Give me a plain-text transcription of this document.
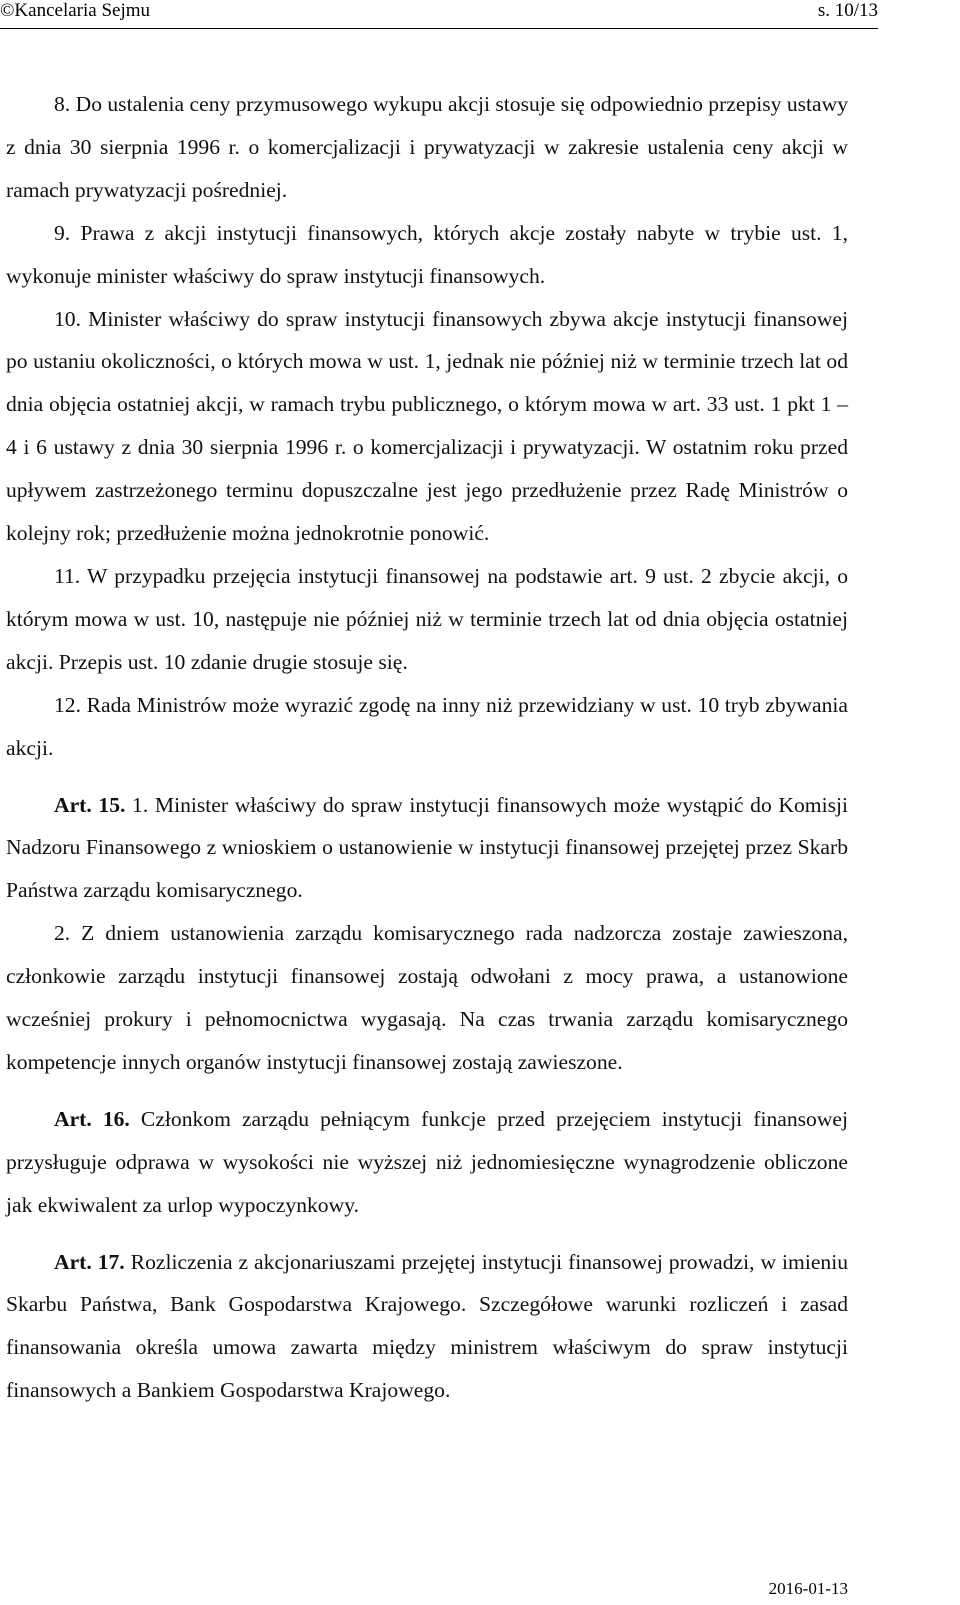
©Kancelaria Sejmu	s. 10/13

8. Do ustalenia ceny przymusowego wykupu akcji stosuje się odpowiednio przepisy ustawy z dnia 30 sierpnia 1996 r. o komercjalizacji i prywatyzacji w zakresie ustalenia ceny akcji w ramach prywatyzacji pośredniej.

9. Prawa z akcji instytucji finansowych, których akcje zostały nabyte w trybie ust. 1, wykonuje minister właściwy do spraw instytucji finansowych.

10. Minister właściwy do spraw instytucji finansowych zbywa akcje instytucji finansowej po ustaniu okoliczności, o których mowa w ust. 1, jednak nie później niż w terminie trzech lat od dnia objęcia ostatniej akcji, w ramach trybu publicznego, o którym mowa w art. 33 ust. 1 pkt 1 – 4 i 6 ustawy z dnia 30 sierpnia 1996 r. o komercjalizacji i prywatyzacji. W ostatnim roku przed upływem zastrzeżonego terminu dopuszczalne jest jego przedłużenie przez Radę Ministrów o kolejny rok; przedłużenie można jednokrotnie ponowić.

11. W przypadku przejęcia instytucji finansowej na podstawie art. 9 ust. 2 zbycie akcji, o którym mowa w ust. 10, następuje nie później niż w terminie trzech lat od dnia objęcia ostatniej akcji. Przepis ust. 10 zdanie drugie stosuje się.

12. Rada Ministrów może wyrazić zgodę na inny niż przewidziany w ust. 10 tryb zbywania akcji.

Art. 15. 1. Minister właściwy do spraw instytucji finansowych może wystąpić do Komisji Nadzoru Finansowego z wnioskiem o ustanowienie w instytucji finansowej przejętej przez Skarb Państwa zarządu komisarycznego.

2. Z dniem ustanowienia zarządu komisarycznego rada nadzorcza zostaje zawieszona, członkowie zarządu instytucji finansowej zostają odwołani z mocy prawa, a ustanowione wcześniej prokury i pełnomocnictwa wygasają. Na czas trwania zarządu komisarycznego kompetencje innych organów instytucji finansowej zostają zawieszone.

Art. 16. Członkom zarządu pełniącym funkcje przed przejęciem instytucji finansowej przysługuje odprawa w wysokości nie wyższej niż jednomiesięczne wynagrodzenie obliczone jak ekwiwalent za urlop wypoczynkowy.

Art. 17. Rozliczenia z akcjonariuszami przejętej instytucji finansowej prowadzi, w imieniu Skarbu Państwa, Bank Gospodarstwa Krajowego. Szczegółowe warunki rozliczeń i zasad finansowania określa umowa zawarta między ministrem właściwym do spraw instytucji finansowych a Bankiem Gospodarstwa Krajowego.

2016-01-13
